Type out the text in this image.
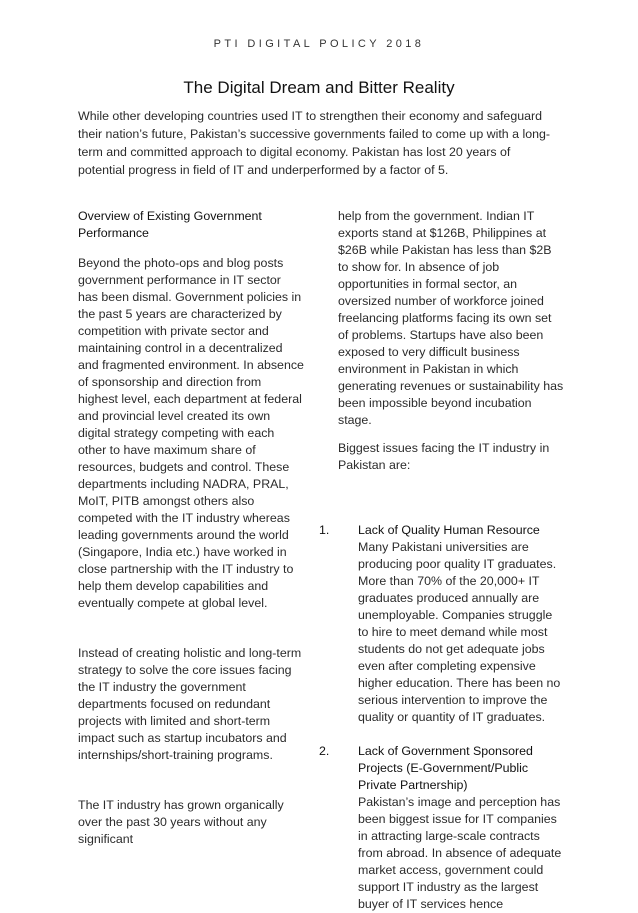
PTI DIGITAL POLICY 2018
The Digital Dream and Bitter Reality
While other developing countries used IT to strengthen their economy and safeguard their nation’s future, Pakistan’s successive governments failed to come up with a long-term and committed approach to digital economy. Pakistan has lost 20 years of potential progress in field of IT and underperformed by a factor of 5.

Overview of Existing Government Performance

Beyond the photo-ops and blog posts government performance in IT sector has been dismal. Government policies in the past 5 years are characterized by competition with private sector and maintaining control in a decentralized and fragmented environment. In absence of sponsorship and direction from highest level, each department at federal and provincial level created its own digital strategy competing with each other to have maximum share of resources, budgets and control. These departments including NADRA, PRAL, MoIT, PITB amongst others also competed with the IT industry whereas leading governments around the world (Singapore, India etc.) have worked in close partnership with the IT industry to help them develop capabilities and eventually compete at global level.

Instead of creating holistic and long-term strategy to solve the core issues facing the IT industry the government departments focused on redundant projects with limited and short-term impact such as startup incubators and internships/short-training programs.

The IT industry has grown organically over the past 30 years without any significant

help from the government. Indian IT exports stand at $126B, Philippines at $26B while Pakistan has less than $2B to show for. In absence of job opportunities in formal sector, an oversized number of workforce joined freelancing platforms facing its own set of problems. Startups have also been exposed to very difficult business environment in Pakistan in which generating revenues or sustainability has been impossible beyond incubation stage.

Biggest issues facing the IT industry in Pakistan are:

1. Lack of Quality Human Resource
Many Pakistani universities are producing poor quality IT graduates. More than 70% of the 20,000+ IT graduates produced annually are unemployable. Companies struggle to hire to meet demand while most students do not get adequate jobs even after completing expensive higher education. There has been no serious intervention to improve the quality or quantity of IT graduates.
2. Lack of Government Sponsored Projects (E-Government/Public Private Partnership)
Pakistan’s image and perception has been biggest issue for IT companies in attracting large-scale contracts from abroad. In absence of adequate market access, government could support IT industry as the largest buyer of IT services hence
